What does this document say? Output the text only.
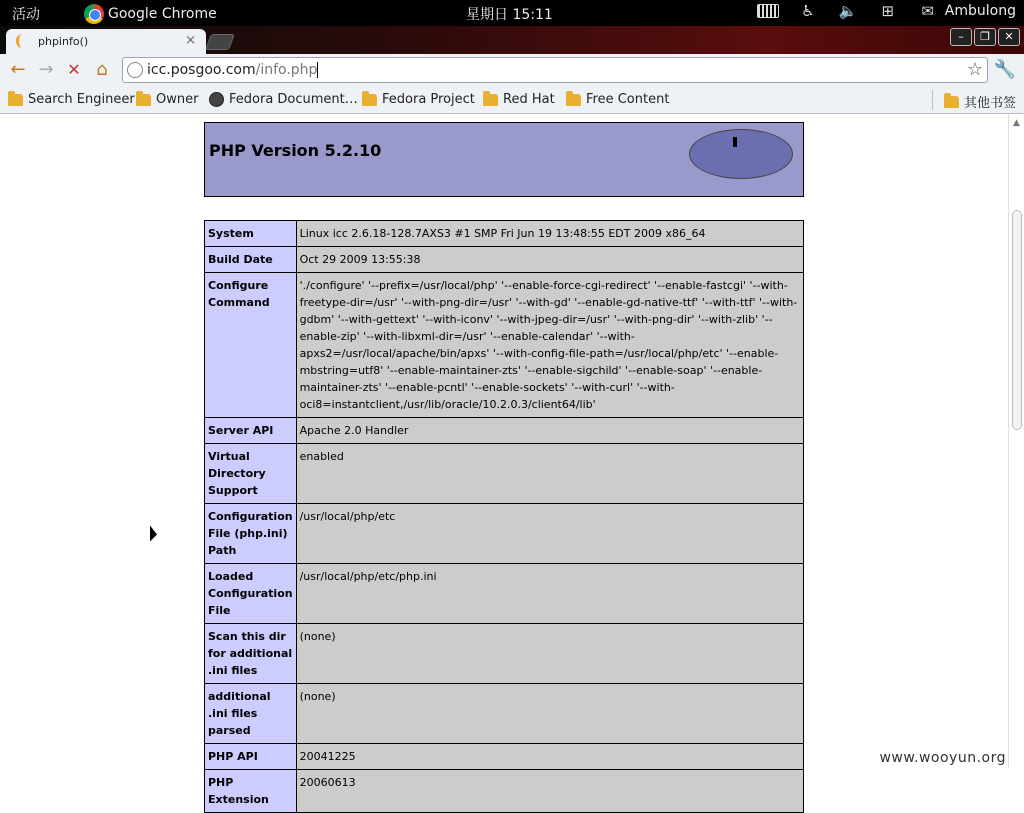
活动	Google Chrome	星期日 15:11	♿ 🔈	⊞	✉ Ambulong
phpinfo()	×	–	❐	✕
← → ✕ ⌂	icc.posgoo.com/info.php	☆ 🔧
Search Engineer Owner Fedora Document… Fedora Project Red Hat Free Content	其他书签
PHP Version 5.2.10
System	Linux icc 2.6.18-128.7AXS3 #1 SMP Fri Jun 19 13:48:55 EDT 2009 x86_64
Build Date	Oct 29 2009 13:55:38
Configure Command	'./configure' '--prefix=/usr/local/php' '--enable-force-cgi-redirect' '--enable-fastcgi' '--with-freetype-dir=/usr' '--with-png-dir=/usr' '--with-gd' '--enable-gd-native-ttf' '--with-ttf' '--with-gdbm' '--with-gettext' '--with-iconv' '--with-jpeg-dir=/usr' '--with-png-dir' '--with-zlib' '--enable-zip' '--with-libxml-dir=/usr' '--enable-calendar' '--with-apxs2=/usr/local/apache/bin/apxs' '--with-config-file-path=/usr/local/php/etc' '--enable-mbstring=utf8' '--enable-maintainer-zts' '--enable-sigchild' '--enable-soap' '--enable-maintainer-zts' '--enable-pcntl' '--enable-sockets' '--with-curl' '--with-oci8=instantclient,/usr/lib/oracle/10.2.0.3/client64/lib'
Server API	Apache 2.0 Handler
Virtual Directory Support	enabled
Configuration File (php.ini) Path	/usr/local/php/etc
Loaded Configuration File	/usr/local/php/etc/php.ini
Scan this dir for additional .ini files	(none)
additional .ini files parsed	(none)
PHP API	20041225
PHP Extension	20060613
www.wooyun.org
▲
